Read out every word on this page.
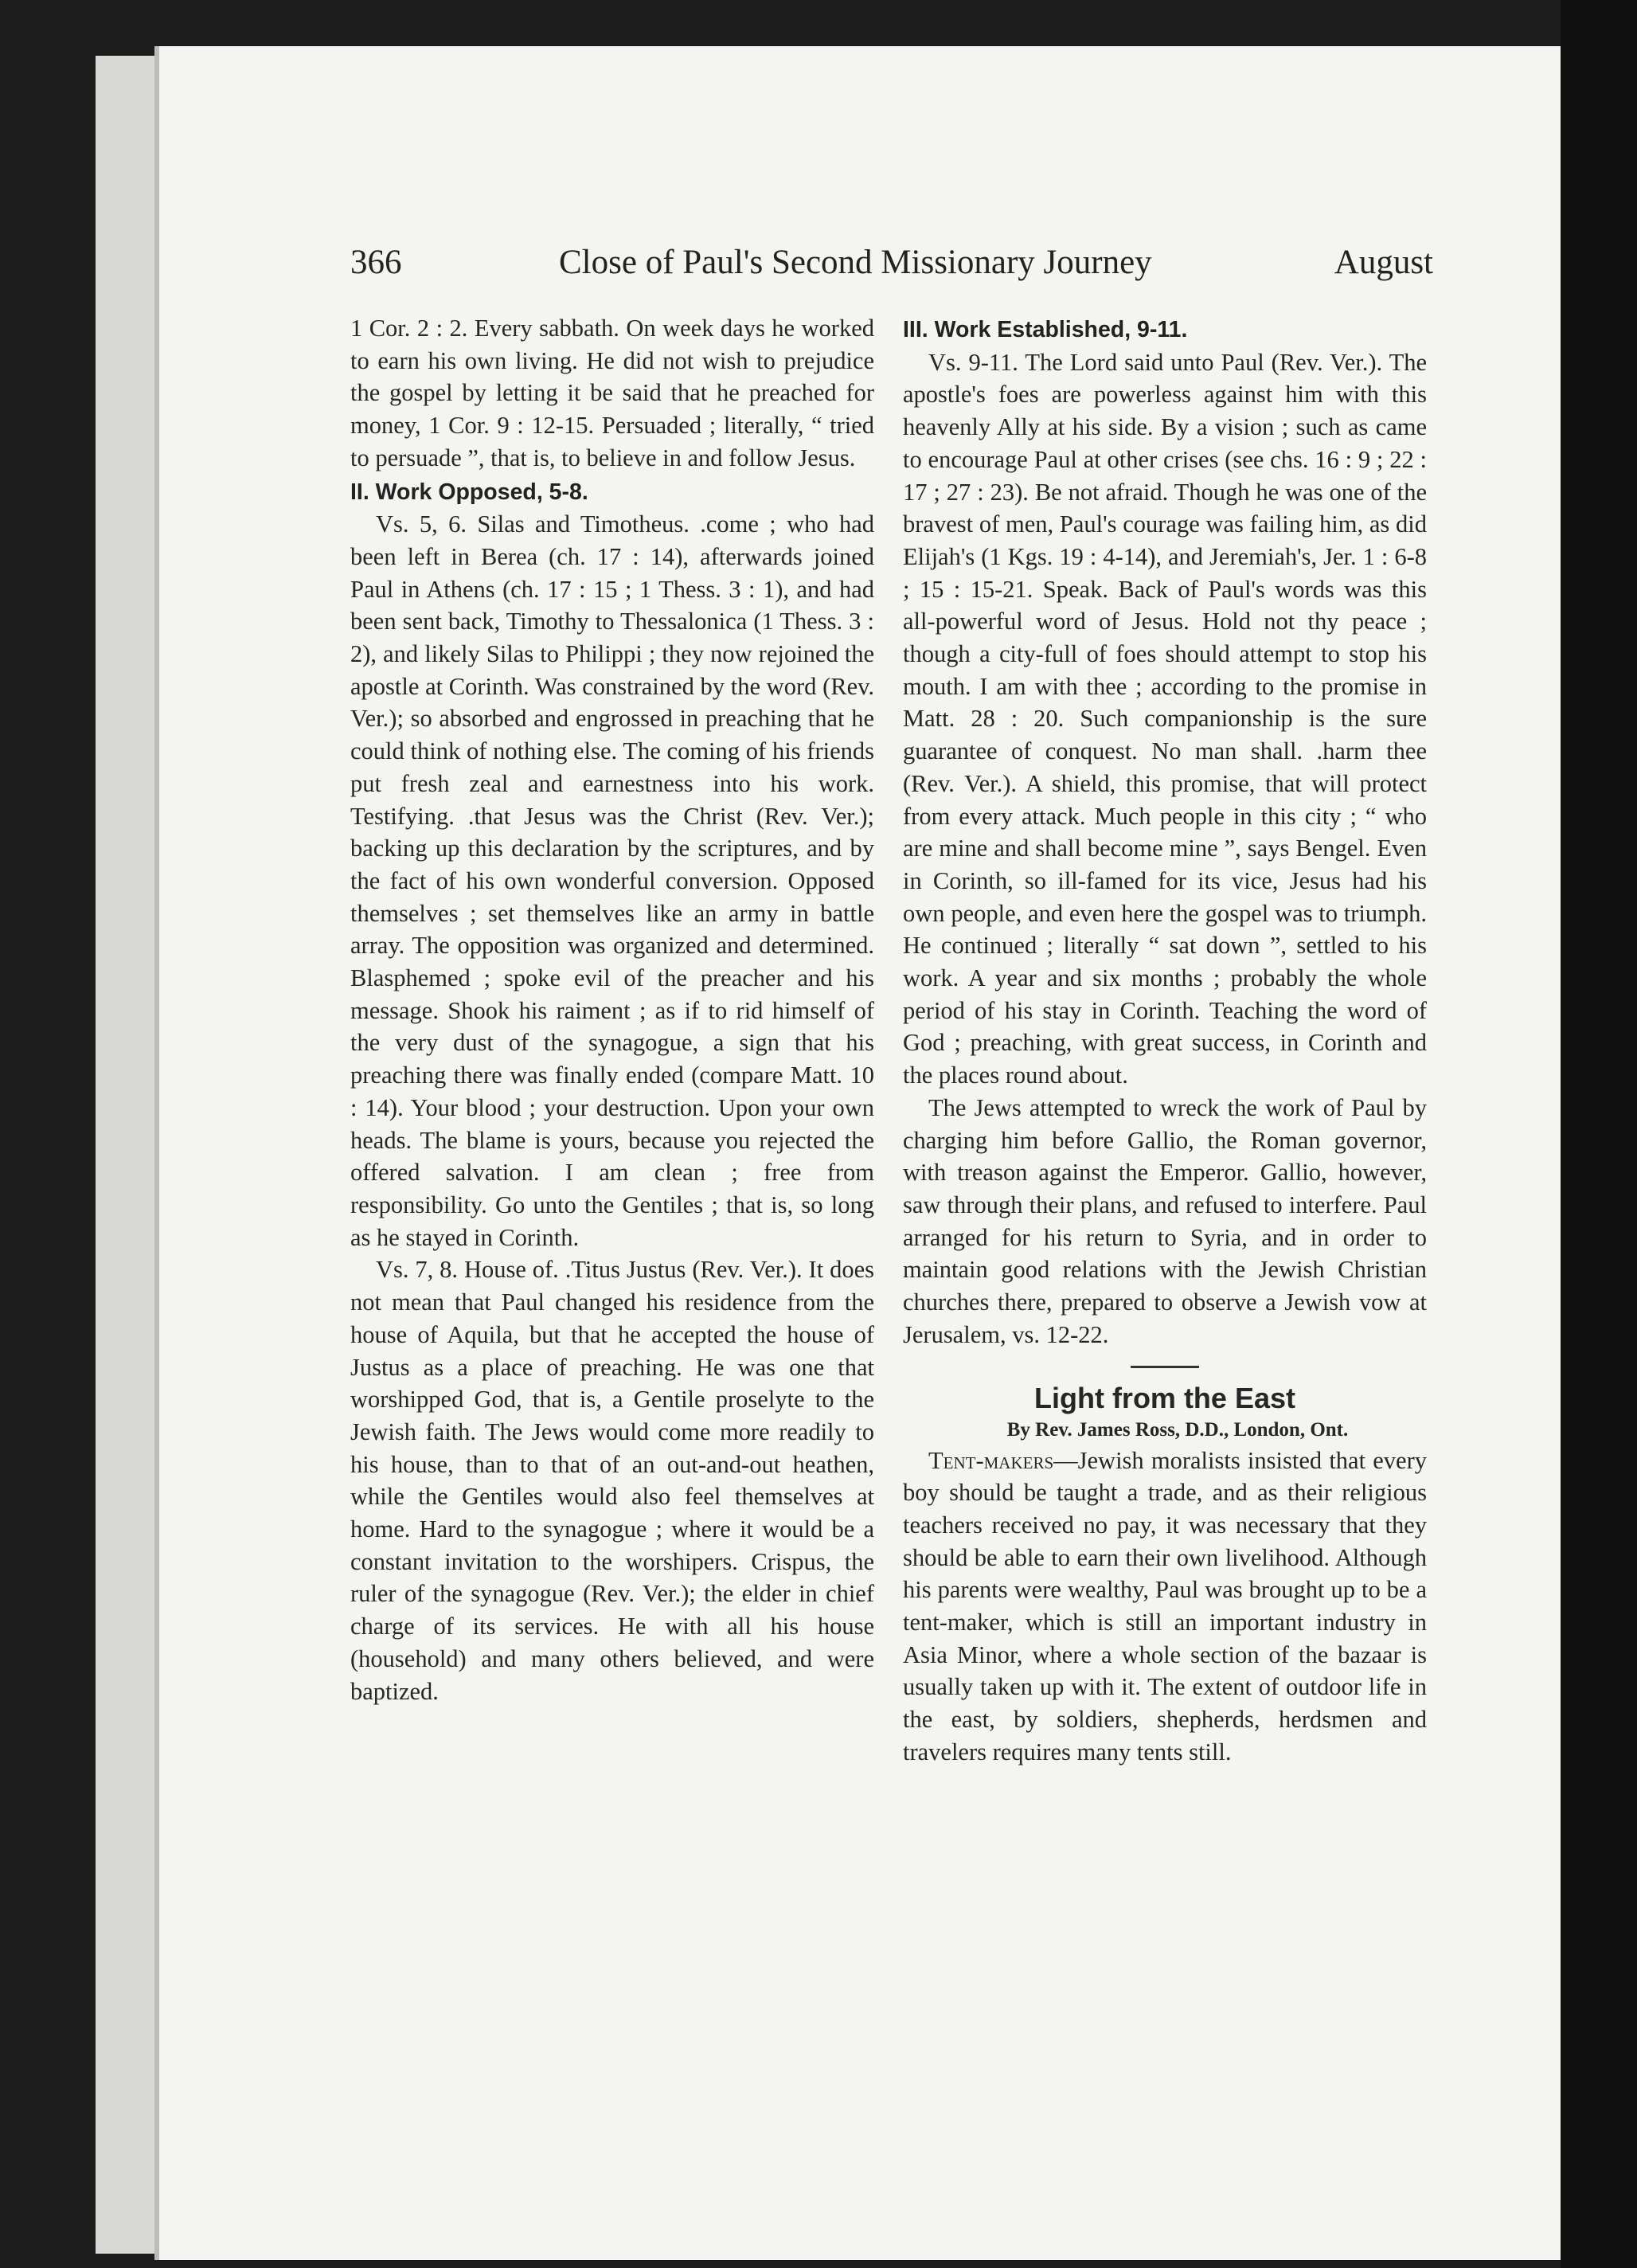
366	Close of Paul's Second Missionary Journey	August

1 Cor. 2 : 2. Every sabbath. On week days he worked to earn his own living. He did not wish to prejudice the gospel by letting it be said that he preached for money, 1 Cor. 9 : 12-15. Persuaded ; literally, “ tried to persuade ”, that is, to believe in and follow Jesus.

II. Work Opposed, 5-8.

Vs. 5, 6. Silas and Timotheus. .come ; who had been left in Berea (ch. 17 : 14), afterwards joined Paul in Athens (ch. 17 : 15 ; 1 Thess. 3 : 1), and had been sent back, Timothy to Thessalonica (1 Thess. 3 : 2), and likely Silas to Philippi ; they now rejoined the apostle at Corinth. Was constrained by the word (Rev. Ver.); so absorbed and engrossed in preaching that he could think of nothing else. The coming of his friends put fresh zeal and earnestness into his work. Testifying. .that Jesus was the Christ (Rev. Ver.); backing up this declaration by the scriptures, and by the fact of his own wonderful conversion. Opposed themselves ; set themselves like an army in battle array. The opposition was organized and determined. Blasphemed ; spoke evil of the preacher and his message. Shook his raiment ; as if to rid himself of the very dust of the synagogue, a sign that his preaching there was finally ended (compare Matt. 10 : 14). Your blood ; your destruction. Upon your own heads. The blame is yours, because you rejected the offered salvation. I am clean ; free from responsibility. Go unto the Gentiles ; that is, so long as he stayed in Corinth.

Vs. 7, 8. House of. .Titus Justus (Rev. Ver.). It does not mean that Paul changed his residence from the house of Aquila, but that he accepted the house of Justus as a place of preaching. He was one that worshipped God, that is, a Gentile proselyte to the Jewish faith. The Jews would come more readily to his house, than to that of an out-and-out heathen, while the Gentiles would also feel themselves at home. Hard to the synagogue ; where it would be a constant invitation to the worshipers. Crispus, the ruler of the synagogue (Rev. Ver.); the elder in chief charge of its services. He with all his house (household) and many others believed, and were baptized.

III. Work Established, 9-11.

Vs. 9-11. The Lord said unto Paul (Rev. Ver.). The apostle's foes are powerless against him with this heavenly Ally at his side. By a vision ; such as came to encourage Paul at other crises (see chs. 16 : 9 ; 22 : 17 ; 27 : 23). Be not afraid. Though he was one of the bravest of men, Paul's courage was failing him, as did Elijah's (1 Kgs. 19 : 4-14), and Jeremiah's, Jer. 1 : 6-8 ; 15 : 15-21. Speak. Back of Paul's words was this all-powerful word of Jesus. Hold not thy peace ; though a city-full of foes should attempt to stop his mouth. I am with thee ; according to the promise in Matt. 28 : 20. Such companionship is the sure guarantee of conquest. No man shall. .harm thee (Rev. Ver.). A shield, this promise, that will protect from every attack. Much people in this city ; “ who are mine and shall become mine ”, says Bengel. Even in Corinth, so ill-famed for its vice, Jesus had his own people, and even here the gospel was to triumph. He continued ; literally “ sat down ”, settled to his work. A year and six months ; probably the whole period of his stay in Corinth. Teaching the word of God ; preaching, with great success, in Corinth and the places round about.

The Jews attempted to wreck the work of Paul by charging him before Gallio, the Roman governor, with treason against the Emperor. Gallio, however, saw through their plans, and refused to interfere. Paul arranged for his return to Syria, and in order to maintain good relations with the Jewish Christian churches there, prepared to observe a Jewish vow at Jerusalem, vs. 12-22.

Light from the East

By Rev. James Ross, D.D., London, Ont.

Tent-makers—Jewish moralists insisted that every boy should be taught a trade, and as their religious teachers received no pay, it was necessary that they should be able to earn their own livelihood. Although his parents were wealthy, Paul was brought up to be a tent-maker, which is still an important industry in Asia Minor, where a whole section of the bazaar is usually taken up with it. The extent of outdoor life in the east, by soldiers, shepherds, herdsmen and travelers requires many tents still.
